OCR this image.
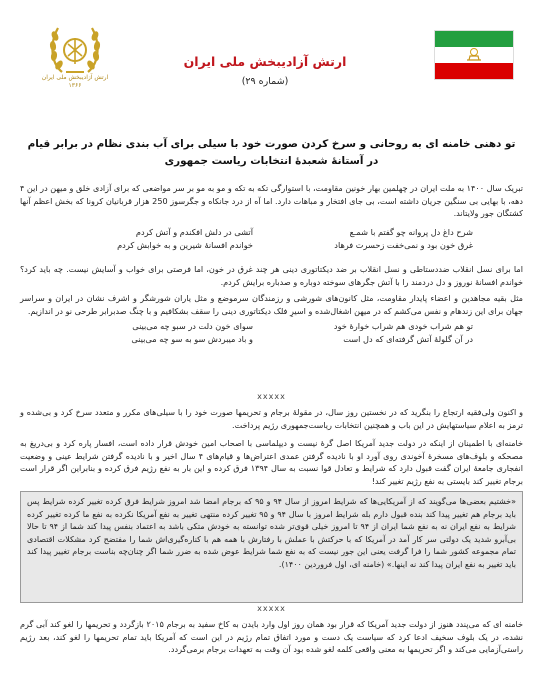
ارتش آزادیبخش ملی ایران
۱۳۶۶
ارتش آزادیبخش ملی ایران
(شماره ۲۹)
تو دهنی خامنه ای به روحانی و سرخ کردن صورت خود با سیلی برای آب بندی نظام در برابر قیام
در آستانهٔ شعبدهٔ انتخابات ریاست جمهوری
تبریک سال ۱۴۰۰ به ملت ایران در چهلمین بهار خونین مقاومت، با استوارگی تکه به تکه و مو به مو بر سر مواضعی که برای آزادی خلق و میهن در این ۴ دهه، با بهایی بی سنگین جریان داشته است، بی جای افتخار و مباهات دارد. اما آه از درد جانکاه و جگرسوز 250 هزار قربانیان کرونا که بخش اعظم آنها کشتگان جور ولایتاند.
شرح داغ دل پروانه چو گفتم با شمـع
آتشی در دلش افکندم و آتش کردم
غرق خون بود و نمی‌خفت زحسرت فرهاد
خواندم افسانهٔ شیرین و به خوابش کردم
اما برای نسل انقلاب ضددستاطی و نسل انقلاب بر ضد دیکتاتوری دینی هر چند غرق در خون، اما فرصتی برای خواب و آسایش نیست. چه باید کرد؟ خواندم افسانهٔ نوروز و دل دردمند را با آتش جگرهای سوخته دوباره و صدباره برایش کردم.
مثل بقیه مجاهدین و اعضاء پایدار مقاومت، مثل کانون‌های شورشی و رزمندگان سرموضع و مثل یاران شورشگر و اشرف نشان در ایران و سراسر جهان برای این زندهام و نفس می‌کشم که در میهن اشغال‌شده و اسیرِ فلک دیکتاتوری دینی را سقف بشکافیم و با چنگ صدبرابر طرحی نو در اندازیم.
تو هم شراب خودی هم شراب خوارهٔ خود
سوای خون دلت در سبو چه می‌بینی
در آن گلولهٔ آتش گرفته‌ای که دل است
و باد میبردش سو به سو چه می‌بینی
xxxxx
و اکنون ولی‌فقیه ارتجاع را بنگرید که در نخستین روز سال، در مقولهٔ برجام و تحریمها صورت خود را با سیلی‌های مکرر و متعدد سرخ کرد و بی‌شده و ترمز به اعلام سیاستهایش در این باب و همچنین انتخابات ریاست‌جمهوری رژیم پرداخت.
خامنه‌ای با اطمینان از اینکه در دولت جدید آمریکا اصل گرهٔ نیست و دیپلماسی با اصحاب امین خودش قرار داده است، افسار پاره کرد و بی‌دریغ به مصحکه و بلوف‌های مسخرهٔ آخوندی روی آورد او با نادیده گرفتن عمدی اعتراض‌ها و قیام‌های ۴ سال اخیر و با نادیده گرفتن شرایط عینی و وضعیت انفجاری جامعهٔ ایران گفت قبول دارد که شرایط و تعادل قوا نسبت به سال ۱۳۹۴ فرق کرده و این بار به نفع رژیم فرق کرده و بنابراین اگر قرار است برجام تغییر کند بایستی به نفع رژیم تغییر کند!
«خشتیم بعضی‌ها می‌گویند که از آمریکایی‌ها که شرایط امروز از سال ۹۴ و ۹۵ که برجام امضا شد امروز شرایط فرق کرده تغییر کرده شرایط پس باید برجام هم تغییر پیدا کند بنده قبول دارم بله شرایط امروز با سال ۹۴ و ۹۵ تغییر کرده منتهی تغییر به نفع آمریکا نکرده به نفع ما کرده تغییر کرده شرایط به نفع ایران نه به نفع شما ایران از ۹۴ تا امروز خیلی قوی‌تر شده توانسته به خودش متکی باشد به اعتماد بنفس پیدا کند شما از ۹۴ تا حالا بی‌آبرو شدید یک دولتی سر کار آمد در آمریکا که با حرکتش با عملش با رفتارش با همه هم با کناره‌گیری‌اش شما را مفتضح کرد مشکلات اقتصادی تمام مجموعه کشور شما را فرا گرفت یعنی این جور نیست که به نفع شما شرایط عوض شده به ضرر شما اگر چنان‌چه بناست برجام تغییر پیدا کند باید تغییر به نفع ایران پیدا کند نه اینها.» (خامنه ای، اول فروردین ۱۴۰۰).
xxxxx
خامنه ای که می‌پندد هنوز از دولت جدید آمریکا که قرار بود همان روز اول وارد بایدن به کاخ سفید به برجام ۲۰۱۵ بازگردد و تحریمها را لغو کند آبی گرم نشده، در یک بلوف سخیف ادعا کرد که سیاست یک دست و مورد اتفاق تمام رژیم در این است که آمریکا باید تمام تحریمها را لغو کند، بعد رژیم راستی‌آزمایی می‌کند و اگر تحریمها به معنی واقعی کلمه لغو شده بود آن وقت به تعهدات برجام برمی‌گردد.
